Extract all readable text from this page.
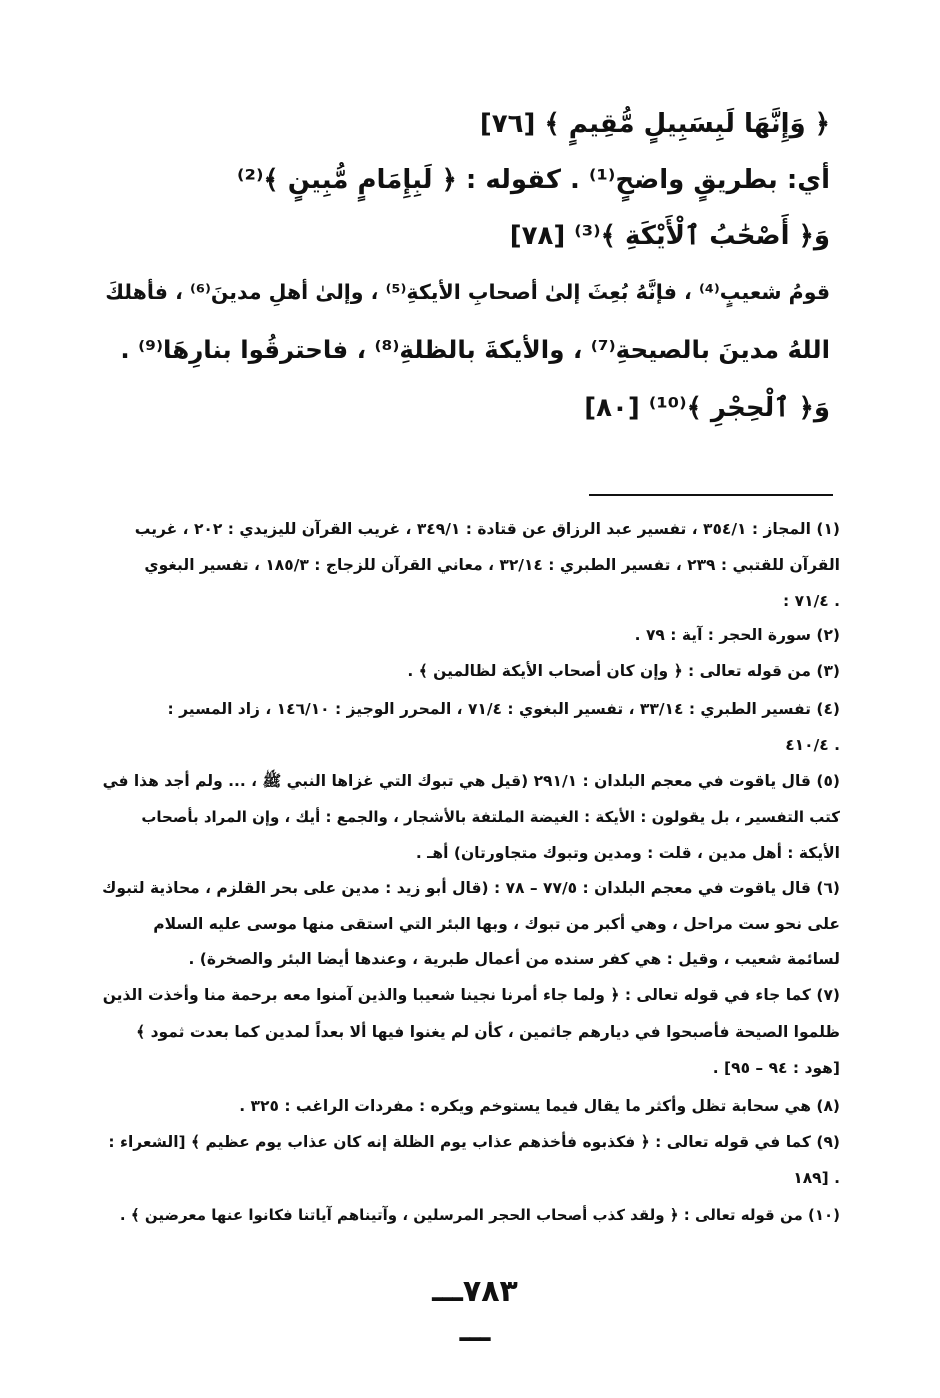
﴿ وَإِنَّهَا لَبِسَبِيلٍ مُّقِيمٍ ﴾ [٧٦]
أي: بطريقٍ واضحٍ⁽¹⁾ . كقوله : ﴿ لَبِإِمَامٍ مُّبِينٍ ﴾⁽²⁾
وَ﴿ أَصْحَٰبُ ٱلْأَيْكَةِ ﴾⁽³⁾ [٧٨]
قومُ شعيبٍ⁽⁴⁾ ، فإنَّهُ بُعِثَ إلىٰ أصحابِ الأيكةِ⁽⁵⁾ ، وإلىٰ أهلِ مدينَ⁽⁶⁾ ، فأهلكَ
اللهُ مدينَ بالصيحةِ⁽⁷⁾ ، والأيكةَ بالظلةِ⁽⁸⁾ ، فاحترقُوا بنارِهَا⁽⁹⁾ .
وَ﴿ ٱلْحِجْرِ ﴾⁽¹⁰⁾ [٨٠]
(١) المجاز : ٣٥٤/١ ، تفسير عبد الرزاق عن قتادة : ٣٤٩/١ ، غريب القرآن لليزيدي : ٢٠٢ ، غريب
القرآن للقتبي : ٢٣٩ ، تفسير الطبري : ٣٢/١٤ ، معاني القرآن للزجاج : ١٨٥/٣ ، تفسير البغوي
: ٧١/٤ .
(٢) سورة الحجر : آية : ٧٩ .
(٣) من قوله تعالى : ﴿ وإن كان أصحاب الأيكة لظالمين ﴾ .
(٤) تفسير الطبري : ٣٣/١٤ ، تفسير البغوي : ٧١/٤ ، المحرر الوجيز : ١٤٦/١٠ ، زاد المسير :
٤١٠/٤ .
(٥) قال ياقوت في معجم البلدان : ٢٩١/١ (قيل هي تبوك التي غزاها النبي ﷺ ، ... ولم أجد هذا في
كتب التفسير ، بل يقولون : الأيكة : الغيضة الملتفة بالأشجار ، والجمع : أيك ، وإن المراد بأصحاب
الأيكة : أهل مدين ، قلت : ومدين وتبوك متجاورتان) أهـ .
(٦) قال ياقوت في معجم البلدان : ٧٧/٥ – ٧٨ : (قال أبو زيد : مدين على بحر القلزم ، محاذية لتبوك
على نحو ست مراحل ، وهي أكبر من تبوك ، وبها البئر التي استقى منها موسى عليه السلام
لسائمة شعيب ، وقيل : هي كفر سنده من أعمال طبرية ، وعندها أيضا البئر والصخرة) .
(٧) كما جاء في قوله تعالى : ﴿ ولما جاء أمرنا نجينا شعيبا والذين آمنوا معه برحمة منا وأخذت الذين
ظلموا الصيحة فأصبحوا في ديارهم جاثمين ، كأن لم يغنوا فيها ألا بعداً لمدين كما بعدت ثمود ﴾
[هود : ٩٤ – ٩٥] .
(٨) هي سحابة تظل وأكثر ما يقال فيما يستوخم ويكره : مفردات الراغب : ٣٢٥ .
(٩) كما في قوله تعالى : ﴿ فكذبوه فأخذهم عذاب يوم الظلة إنه كان عذاب يوم عظيم ﴾ [الشعراء :
١٨٩] .
(١٠) من قوله تعالى : ﴿ ولقد كذب أصحاب الحجر المرسلين ، وآتيناهم آياتنا فكانوا عنها معرضين ﴾ .
ـــ٧٨٣ـــ
